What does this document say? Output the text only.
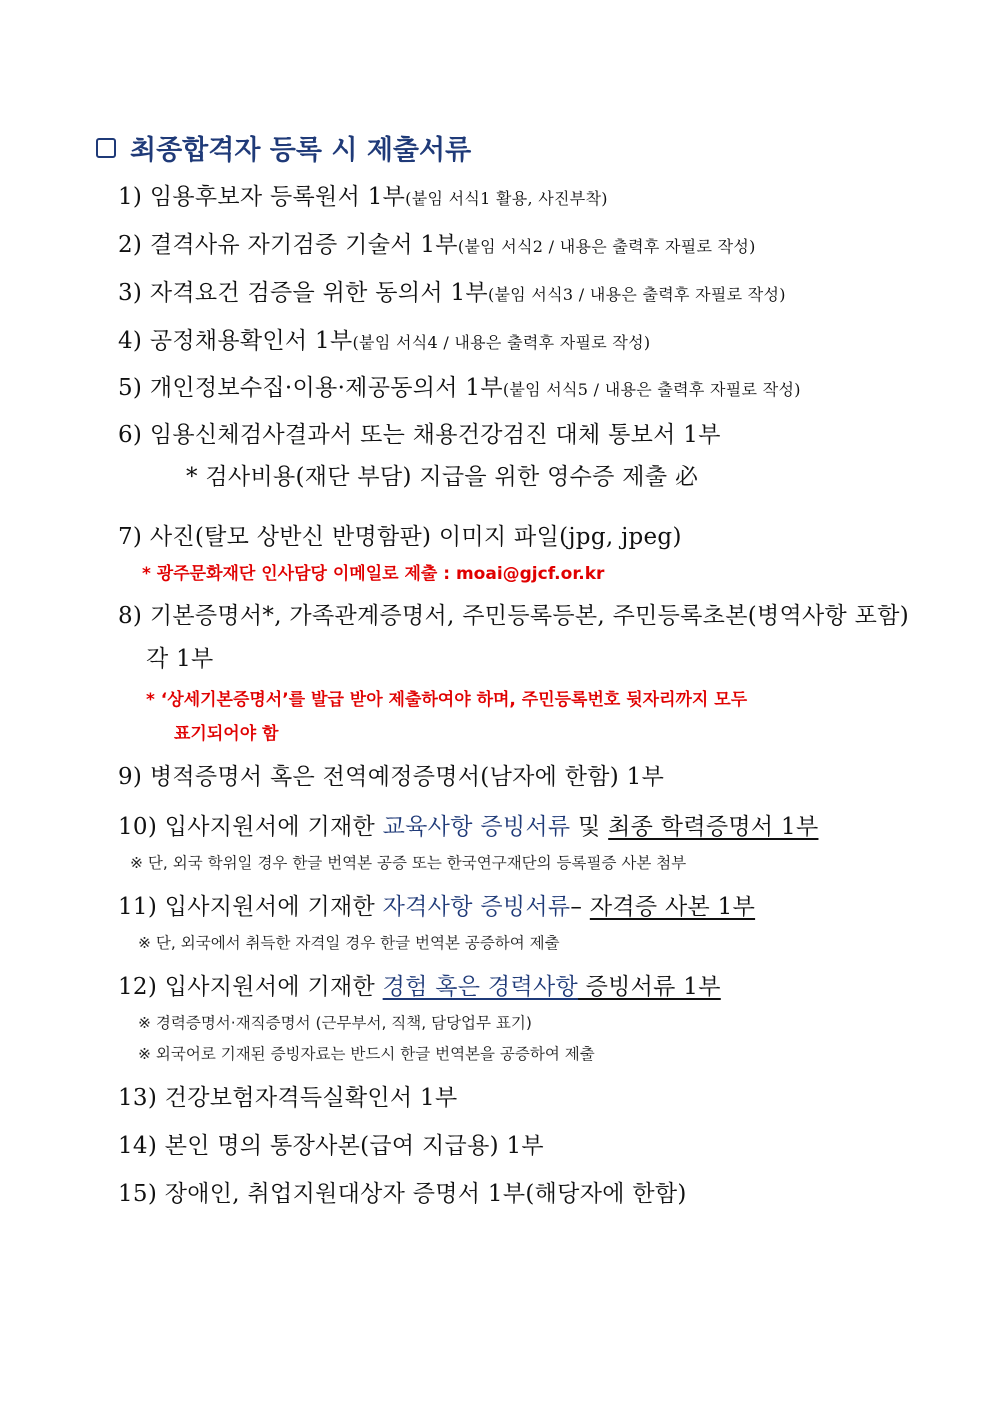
최종합격자 등록 시 제출서류
1) 임용후보자 등록원서 1부(붙임 서식1 활용, 사진부착)
2) 결격사유 자기검증 기술서 1부(붙임 서식2 / 내용은 출력후 자필로 작성)
3) 자격요건 검증을 위한 동의서 1부(붙임 서식3 / 내용은 출력후 자필로 작성)
4) 공정채용확인서 1부(붙임 서식4 / 내용은 출력후 자필로 작성)
5) 개인정보수집·이용·제공동의서 1부(붙임 서식5 / 내용은 출력후 자필로 작성)
6) 임용신체검사결과서 또는 채용건강검진 대체 통보서 1부
* 검사비용(재단 부담) 지급을 위한 영수증 제출 必
7) 사진(탈모 상반신 반명함판) 이미지 파일(jpg, jpeg)
* 광주문화재단 인사담당 이메일로 제출 : moai@gjcf.or.kr
8) 기본증명서*, 가족관계증명서, 주민등록등본, 주민등록초본(병역사항 포함)
각 1부
* ‘상세기본증명서’를 발급 받아 제출하여야 하며, 주민등록번호 뒷자리까지 모두
표기되어야 함
9) 병적증명서 혹은 전역예정증명서(남자에 한함) 1부
10) 입사지원서에 기재한 교육사항 증빙서류 및 최종 학력증명서 1부
※ 단, 외국 학위일 경우 한글 번역본 공증 또는 한국연구재단의 등록필증 사본 첨부
11) 입사지원서에 기재한 자격사항 증빙서류– 자격증 사본 1부
※ 단, 외국에서 취득한 자격일 경우 한글 번역본 공증하여 제출
12) 입사지원서에 기재한 경험 혹은 경력사항 증빙서류 1부
※ 경력증명서·재직증명서 (근무부서, 직책, 담당업무 표기)
※ 외국어로 기재된 증빙자료는 반드시 한글 번역본을 공증하여 제출
13) 건강보험자격득실확인서 1부
14) 본인 명의 통장사본(급여 지급용) 1부
15) 장애인, 취업지원대상자 증명서 1부(해당자에 한함)
